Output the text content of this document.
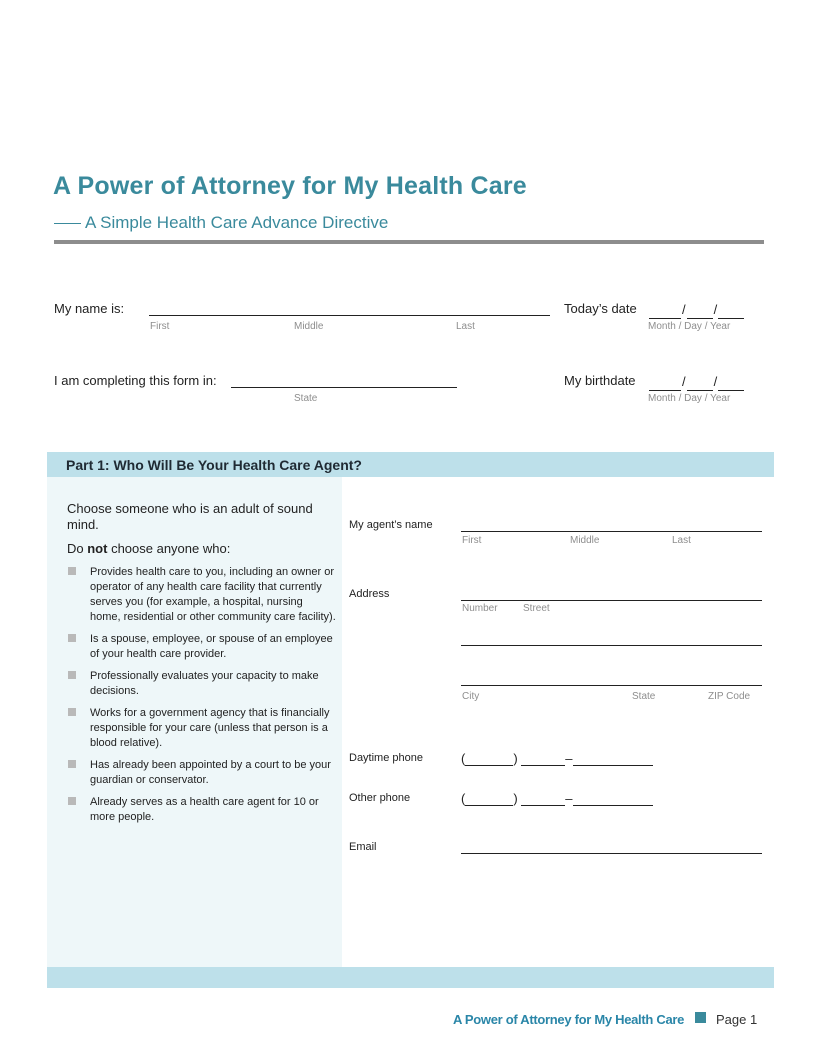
A Power of Attorney for My Health Care
A Simple Health Care Advance Directive
My name is:
First	Middle	Last
Today’s date	/ /
Month / Day / Year
I am completing this form in:
State
My birthdate	/ /
Month / Day / Year
Part 1: Who Will Be Your Health Care Agent?
Choose someone who is an adult of sound mind.
Do not choose anyone who:
Provides health care to you, including an owner or operator of any health care facility that currently serves you (for example, a hospital, nursing home, residential or other community care facility).
Is a spouse, employee, or spouse of an employee of your health care provider.
Professionally evaluates your capacity to make decisions.
Works for a government agency that is financially responsible for your care (unless that person is a blood relative).
Has already been appointed by a court to be your guardian or conservator.
Already serves as a health care agent for 10 or more people.
My agent’s name
First	Middle	Last
Address
Number	Street
City	State	ZIP Code
Daytime phone	(	)	–
Other phone	(	)	–
Email
A Power of Attorney for My Health Care Page 1
